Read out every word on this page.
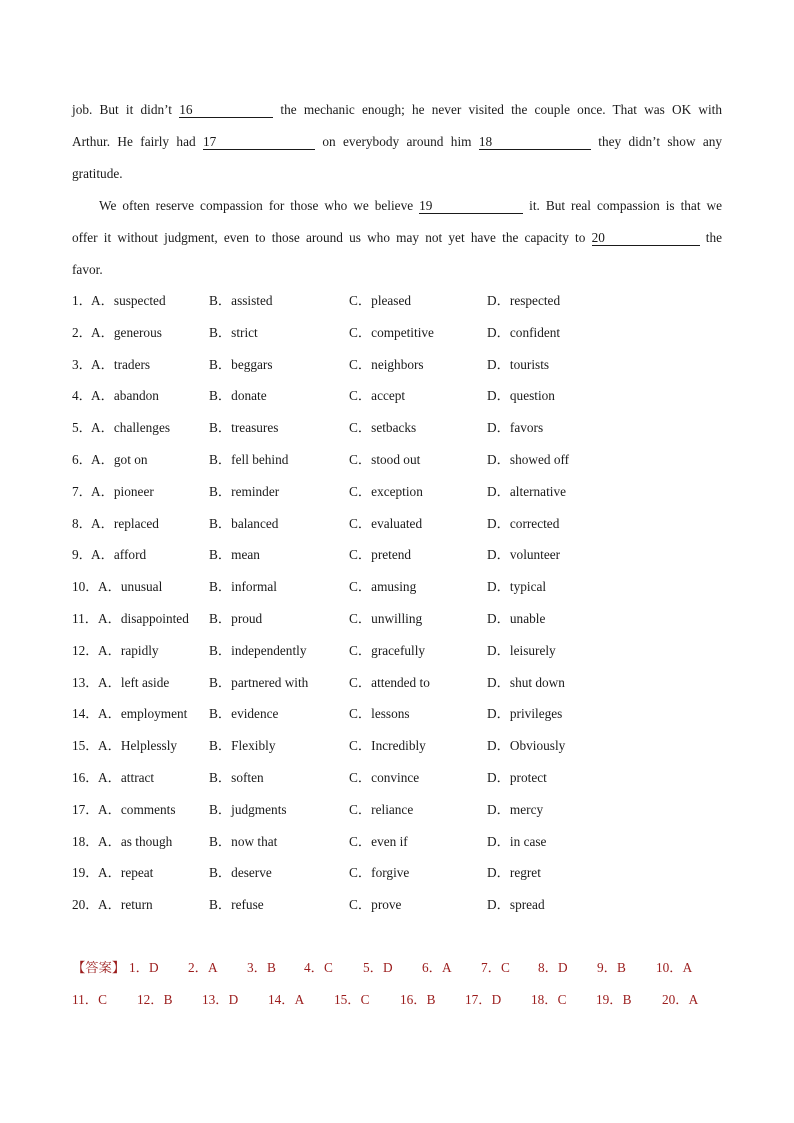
job. But it didn’t 16	the mechanic enough; he never visited the couple once. That was OK with
Arthur. He fairly had 17	on everybody around him 18	they didn’t show any
gratitude.
We often reserve compassion for those who we believe 19	it. But real compassion is that we
offer it without judgment, even to those around us who may not yet have the capacity to 20	the
favor.
1． A．suspected	B．assisted	C．pleased	D．respected
2． A．generous	B．strict	C．competitive	D．confident
3． A．traders	B．beggars	C．neighbors	D．tourists
4． A．abandon	B．donate	C．accept	D．question
5． A．challenges	B．treasures	C．setbacks	D．favors
6． A．got on	B．fell behind	C．stood out	D．showed off
7． A．pioneer	B．reminder	C．exception	D．alternative
8． A．replaced	B．balanced	C．evaluated	D．corrected
9． A．afford	B．mean	C．pretend	D．volunteer
10． A．unusual	B．informal	C．amusing	D．typical
11． A．disappointed B．proud	C．unwilling	D．unable
12． A．rapidly	B．independently	C．gracefully	D．leisurely
13． A．left aside	B．partnered with	C．attended to	D．shut down
14． A．employment B．evidence	C．lessons	D．privileges
15． A．Helplessly B．Flexibly	C．Incredibly	D．Obviously
16． A．attract	B．soften	C．convince	D．protect
17． A．comments	B．judgments	C．reliance	D．mercy
18． A．as though	B．now that	C．even if	D．in case
19． A．repeat	B．deserve	C．forgive	D．regret
20． A．return	B．refuse	C．prove	D．spread
【答案】 1．D 2．A 3．B 4．C 5．D 6．A 7．C 8．D 9．B 10．A
11．C 12．B 13．D 14．A 15．C 16．B 17．D 18．C 19．B 20．A
